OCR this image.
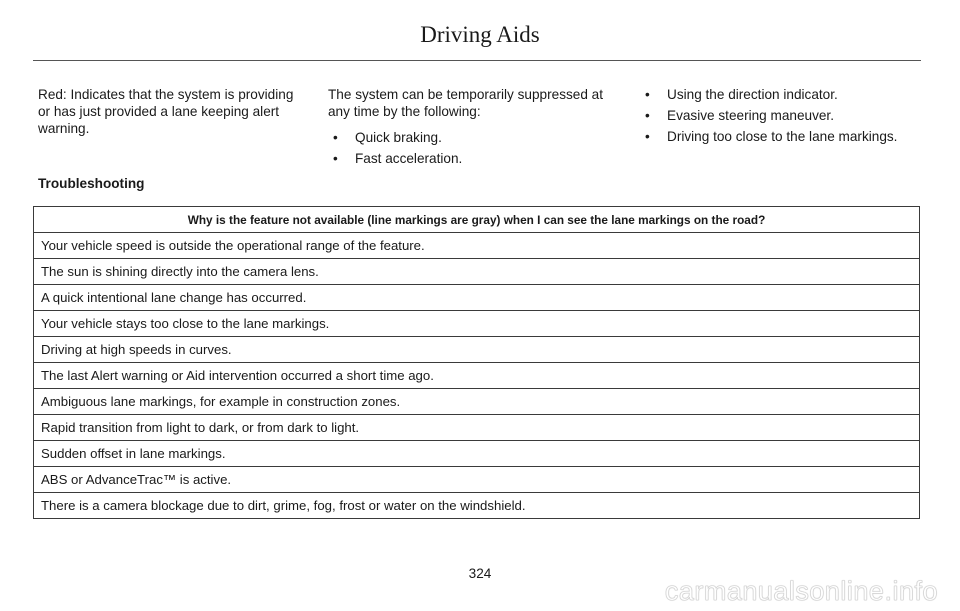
Driving Aids

Red: Indicates that the system is providing or has just provided a lane keeping alert warning.

The system can be temporarily suppressed at any time by the following:

• Quick braking.
• Fast acceleration.
• Using the direction indicator.
• Evasive steering maneuver.
• Driving too close to the lane markings.
Troubleshooting
Why is the feature not available (line markings are gray) when I can see the lane markings on the road?
Your vehicle speed is outside the operational range of the feature.
The sun is shining directly into the camera lens.
A quick intentional lane change has occurred.
Your vehicle stays too close to the lane markings.
Driving at high speeds in curves.
The last Alert warning or Aid intervention occurred a short time ago.
Ambiguous lane markings, for example in construction zones.
Rapid transition from light to dark, or from dark to light.
Sudden offset in lane markings.
ABS or AdvanceTrac™ is active.
There is a camera blockage due to dirt, grime, fog, frost or water on the windshield.
324
carmanualsonline.info
